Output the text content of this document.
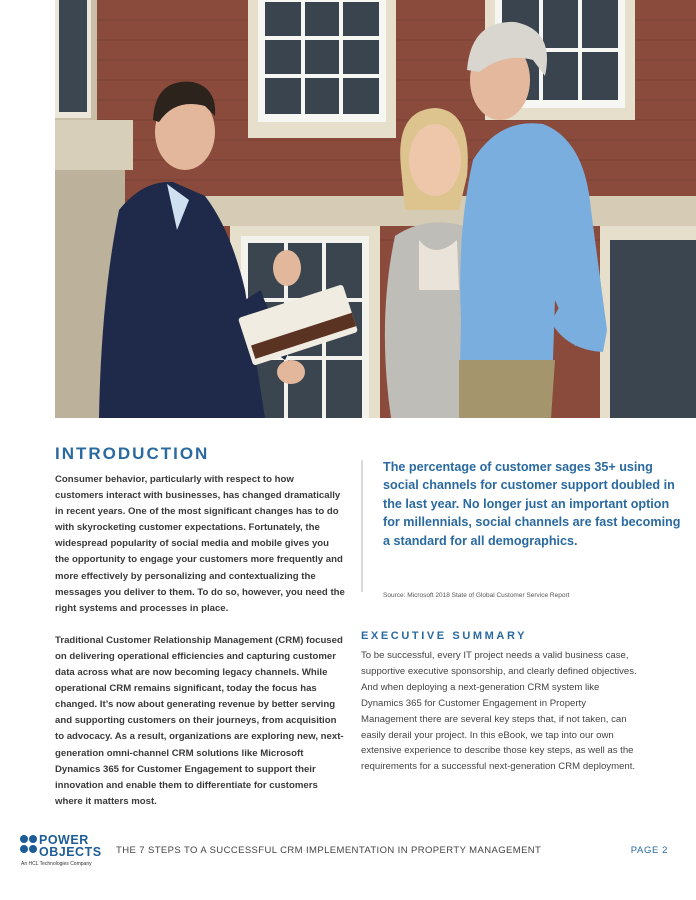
INTRODUCTION

Consumer behavior, particularly with respect to how customers interact with businesses, has changed dramatically in recent years. One of the most significant changes has to do with skyrocketing customer expectations. Fortunately, the widespread popularity of social media and mobile gives you the opportunity to engage your customers more frequently and more effectively by personalizing and contextualizing the messages you deliver to them. To do so, however, you need the right systems and processes in place.

Traditional Customer Relationship Management (CRM) focused on delivering operational efficiencies and capturing customer data across what are now becoming legacy channels. While operational CRM remains significant, today the focus has changed. It’s now about generating revenue by better serving and supporting customers on their journeys, from acquisition to advocacy. As a result, organizations are exploring new, next-generation omni-channel CRM solutions like Microsoft Dynamics 365 for Customer Engagement to support their innovation and enable them to differentiate for customers where it matters most.

The percentage of customer sages 35+ using social channels for customer support doubled in the last year. No longer just an important option for millennials, social channels are fast becoming a standard for all demographics.

Source: Microsoft 2018 State of Global Customer Service Report

EXECUTIVE SUMMARY

To be successful, every IT project needs a valid business case, supportive executive sponsorship, and clearly defined objectives. And when deploying a next-generation CRM system like Dynamics 365 for Customer Engagement in Property Management there are several key steps that, if not taken, can easily derail your project. In this eBook, we tap into our own extensive experience to describe those key steps, as well as the requirements for a successful next-generation CRM deployment.

POWER
OBJECTS
An HCL Technologies Company
THE 7 STEPS TO A SUCCESSFUL CRM IMPLEMENTATION IN PROPERTY MANAGEMENT	PAGE 2
